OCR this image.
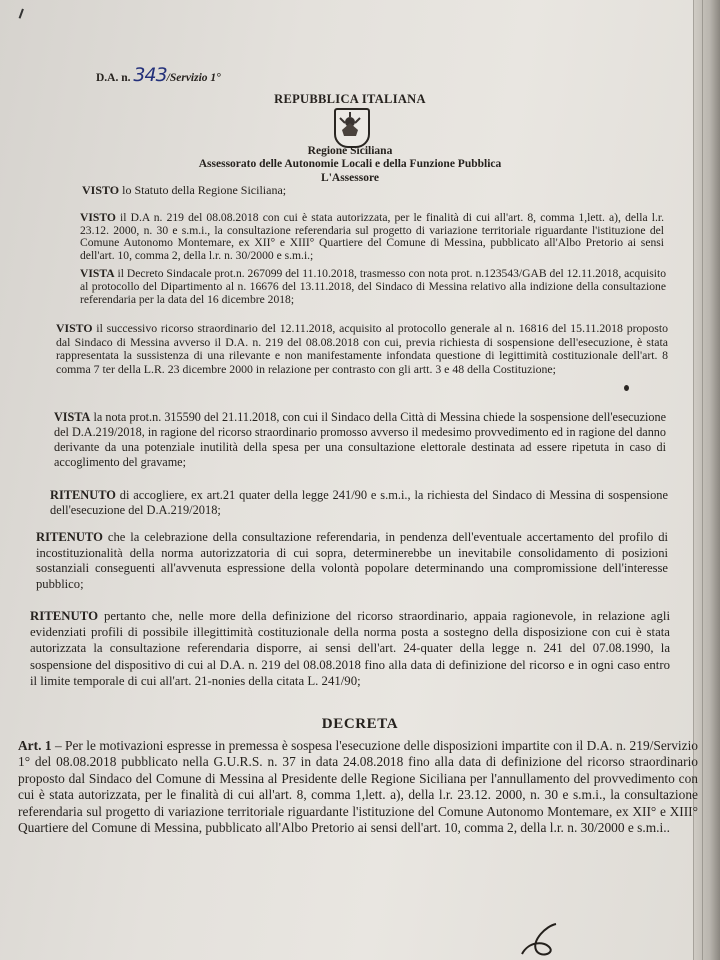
D.A. n. 343/Servizio 1°
REPUBBLICA ITALIANA
Regione Siciliana
Assessorato delle Autonomie Locali e della Funzione Pubblica
L'Assessore
VISTO lo Statuto della Regione Siciliana;
VISTO il D.A n. 219 del 08.08.2018 con cui è stata autorizzata, per le finalità di cui all'art. 8, comma 1,lett. a), della l.r. 23.12. 2000, n. 30 e s.m.i., la consultazione referendaria sul progetto di variazione territoriale riguardante l'istituzione del Comune Autonomo Montemare, ex XII° e XIII° Quartiere del Comune di Messina, pubblicato all'Albo Pretorio ai sensi dell'art. 10, comma 2, della l.r. n. 30/2000 e s.m.i.;
VISTA il Decreto Sindacale prot.n. 267099 del 11.10.2018, trasmesso con nota prot. n.123543/GAB del 12.11.2018, acquisito al protocollo del Dipartimento al n. 16676 del 13.11.2018, del Sindaco di Messina relativo alla indizione della consultazione referendaria per la data del 16 dicembre 2018;
VISTO il successivo ricorso straordinario del 12.11.2018, acquisito al protocollo generale al n. 16816 del 15.11.2018 proposto dal Sindaco di Messina avverso il D.A. n. 219 del 08.08.2018 con cui, previa richiesta di sospensione dell'esecuzione, è stata rappresentata la sussistenza di una rilevante e non manifestamente infondata questione di legittimità costituzionale dell'art. 8 comma 7 ter della L.R. 23 dicembre 2000 in relazione per contrasto con gli artt. 3 e 48 della Costituzione;
VISTA la nota prot.n. 315590 del 21.11.2018, con cui il Sindaco della Città di Messina chiede la sospensione dell'esecuzione del D.A.219/2018, in ragione del ricorso straordinario promosso avverso il medesimo provvedimento ed in ragione del danno derivante da una potenziale inutilità della spesa per una consultazione elettorale destinata ad essere ripetuta in caso di accoglimento del gravame;
RITENUTO di accogliere, ex art.21 quater della legge 241/90 e s.m.i., la richiesta del Sindaco di Messina di sospensione dell'esecuzione del D.A.219/2018;
RITENUTO che la celebrazione della consultazione referendaria, in pendenza dell'eventuale accertamento del profilo di incostituzionalità della norma autorizzatoria di cui sopra, determinerebbe un inevitabile consolidamento di posizioni sostanziali conseguenti all'avvenuta espressione della volontà popolare determinando una compromissione dell'interesse pubblico;
RITENUTO pertanto che, nelle more della definizione del ricorso straordinario, appaia ragionevole, in relazione agli evidenziati profili di possibile illegittimità costituzionale della norma posta a sostegno della disposizione con cui è stata autorizzata la consultazione referendaria disporre, ai sensi dell'art. 24-quater della legge n. 241 del 07.08.1990, la sospensione del dispositivo di cui al D.A. n. 219 del 08.08.2018 fino alla data di definizione del ricorso e in ogni caso entro il limite temporale di cui all'art. 21-nonies della citata L. 241/90;
DECRETA
Art. 1 – Per le motivazioni espresse in premessa è sospesa l'esecuzione delle disposizioni impartite con il D.A. n. 219/Servizio 1° del 08.08.2018 pubblicato nella G.U.R.S. n. 37 in data 24.08.2018 fino alla data di definizione del ricorso straordinario proposto dal Sindaco del Comune di Messina al Presidente delle Regione Siciliana per l'annullamento del provvedimento con cui è stata autorizzata, per le finalità di cui all'art. 8, comma 1,lett. a), della l.r. 23.12. 2000, n. 30 e s.m.i., la consultazione referendaria sul progetto di variazione territoriale riguardante l'istituzione del Comune Autonomo Montemare, ex XII° e XIII° Quartiere del Comune di Messina, pubblicato all'Albo Pretorio ai sensi dell'art. 10, comma 2, della l.r. n. 30/2000 e s.m.i..
